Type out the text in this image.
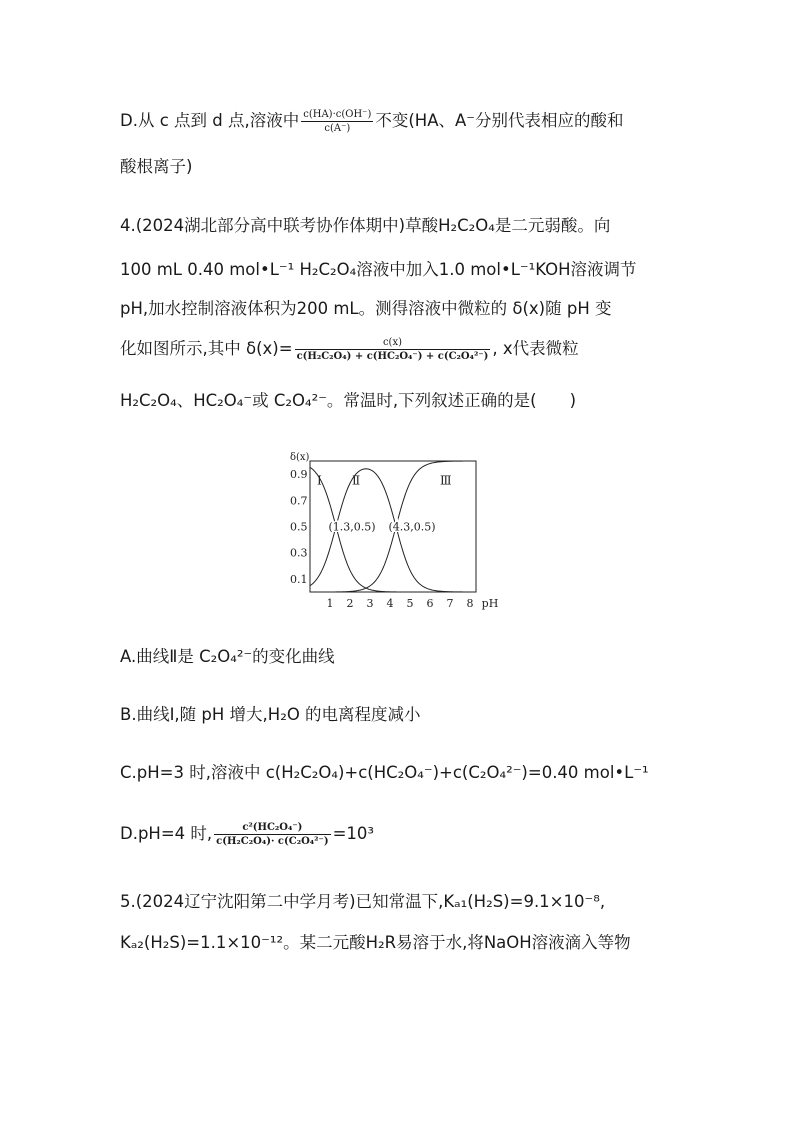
D.从 c 点到 d 点,溶液中 $\frac{c(HA)\cdot c(OH^-)}{c(A^-)}$ 不变(HA、A⁻分别代表相应的酸和
酸根离子)
4.(2024湖北部分高中联考协作体期中)草酸H₂C₂O₄是二元弱酸。向
100 mL 0.40 mol•L⁻¹ H₂C₂O₄溶液中加入1.0 mol•L⁻¹KOH溶液调节
pH,加水控制溶液体积为200 mL。测得溶液中微粒的 δ(x)随 pH 变
化如图所示,其中 $\delta(x)= \frac{c(x)}{\text{c(H₂C₂O₄) + c(HC₂O₄⁻) + c(C₂O₄²⁻)}}$ , x代表微粒
H₂C₂O₄、HC₂O₄⁻或 C₂O₄²⁻。常温时,下列叙述正确的是(　　)
δ(x)
0.9
0.7
0.5
0.3
0.1
1 2 3 4 5 6 7 8 pH
Ⅰ	Ⅱ	Ⅲ
(1.3,0.5) (4.3,0.5)
A.曲线Ⅱ是 C₂O₄²⁻的变化曲线
B.曲线Ⅰ,随 pH 增大,H₂O 的电离程度减小
C.pH=3 时,溶液中 c(H₂C₂O₄)+c(HC₂O₄⁻)+c(C₂O₄²⁻)=0.40 mol•L⁻¹
D.pH=4 时, $\frac{\text{c²(HC₂O₄⁻)}}{\text{c(H₂C₂O₄)· c(C₂O₄²⁻)}} =10^3$
5.(2024辽宁沈阳第二中学月考)已知常温下,Kₐ₁(H₂S)=9.1×10⁻⁸,
Kₐ₂(H₂S)=1.1×10⁻¹²。某二元酸H₂R易溶于水,将NaOH溶液滴入等物
